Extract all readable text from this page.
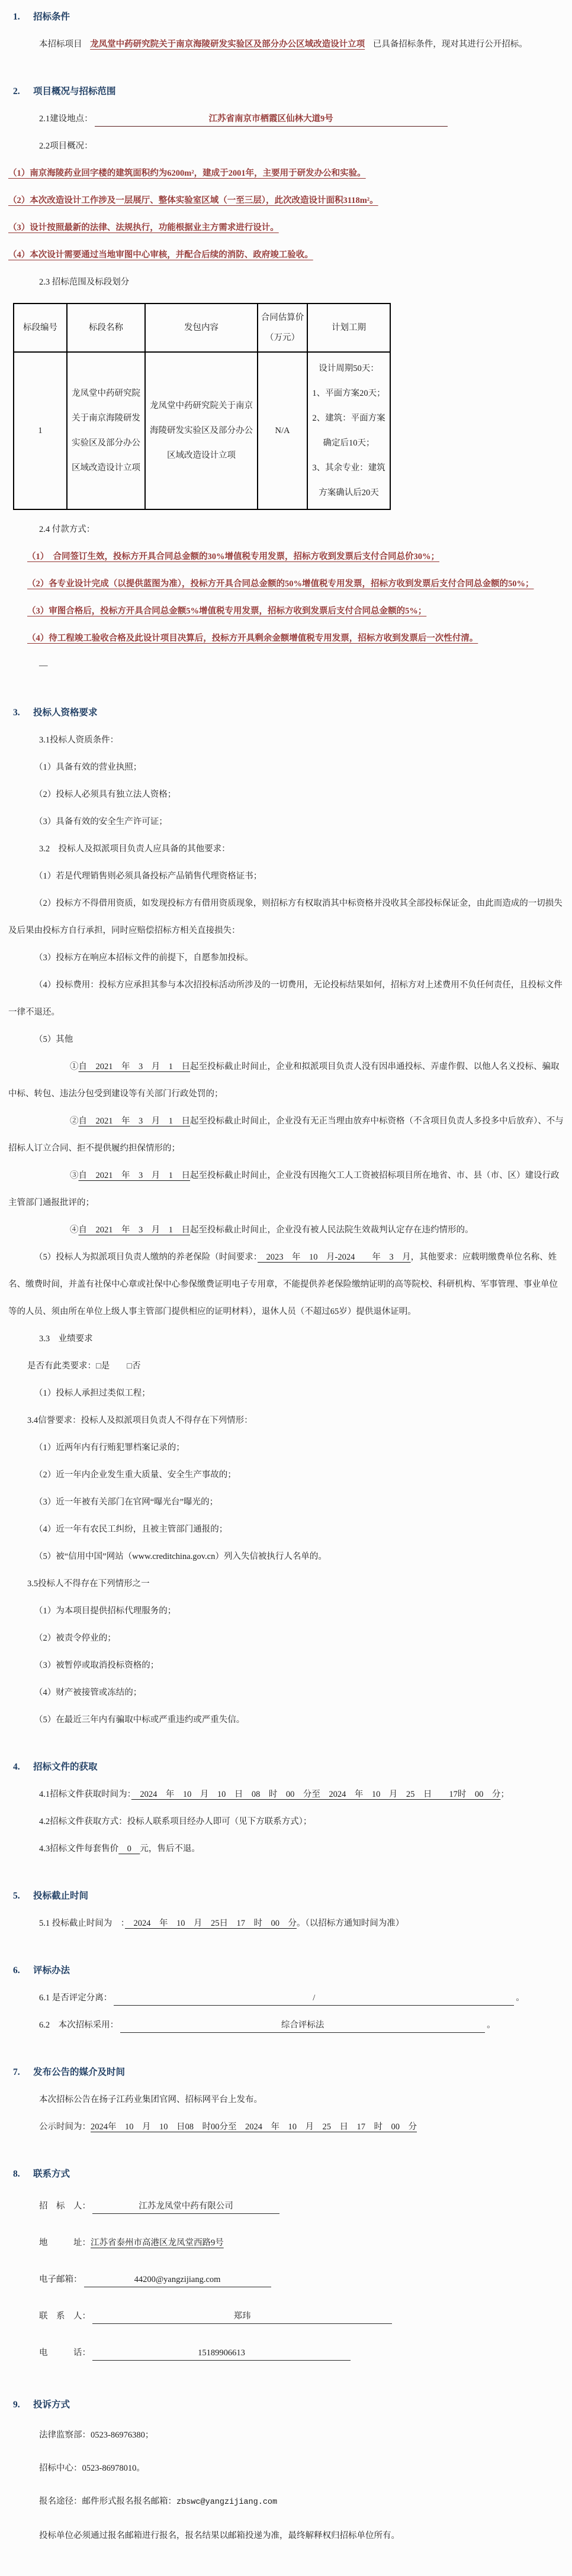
1. 招标条件

本招标项目 龙凤堂中药研究院关于南京海陵研发实验区及部分办公区域改造设计立项 已具备招标条件，现对其进行公开招标。

2. 项目概况与招标范围

2.1建设地点：	江苏省南京市栖霞区仙林大道9号

2.2项目概况：

（1）南京海陵药业回字楼的建筑面积约为6200m²，建成于2001年，主要用于研发办公和实验。

（2）本次改造设计工作涉及一层展厅、整体实验室区域（一至三层），此次改造设计面积3118m²。

（3）设计按照最新的法律、法规执行，功能根据业主方需求进行设计。

（4）本次设计需要通过当地审图中心审核，并配合后续的消防、政府竣工验收。

2.3 招标范围及标段划分

标段编号	标段名称	发包内容	合同估算价
（万元）	计划工期
1	龙凤堂中药研究院关于南京海陵研发实验区及部分办公区域改造设计立项	龙凤堂中药研究院关于南京海陵研发实验区及部分办公区域改造设计立项	N/A	设计周期50天：
1、平面方案20天；
2、建筑：平面方案确定后10天；
3、其余专业：建筑方案确认后20天

2.4 付款方式：

（1）　合同签订生效，投标方开具合同总金额的30%增值税专用发票，招标方收到发票后支付合同总价30%；

（2）各专业设计完成（以提供蓝图为准），投标方开具合同总金额的50%增值税专用发票，招标方收到发票后支付合同总金额的50%；

（3）审图合格后，投标方开具合同总金额5%增值税专用发票，招标方收到发票后支付合同总金额的5%；

（4）待工程竣工验收合格及此设计项目决算后，投标方开具剩余金额增值税专用发票，招标方收到发票后一次性付清。

—

3. 投标人资格要求

3.1投标人资质条件：

（1）具备有效的营业执照；

（2）投标人必须具有独立法人资格；

（3）具备有效的安全生产许可证；

3.2　投标人及拟派项目负责人应具备的其他要求：

（1）若是代理销售则必须具备投标产品销售代理资格证书；

（2）投标方不得借用资质，如发现投标方有借用资质现象，则招标方有权取消其中标资格并没收其全部投标保证金，由此而造成的一切损失及后果由投标方自行承担，同时应赔偿招标方相关直接损失：

（3）投标方在响应本招标文件的前提下，自愿参加投标。

（4）投标费用：投标方应承担其参与本次招投标活动所涉及的一切费用，无论投标结果如何，招标方对上述费用不负任何责任，且投标文件一律不退还。

（5）其他

①自　2021　年　3　月　1　日起至投标截止时间止，企业和拟派项目负责人没有因串通投标、弄虚作假、以他人名义投标、骗取中标、转包、违法分包受到建设等有关部门行政处罚的；

②自　2021　年　3　月　1　日起至投标截止时间止，企业没有无正当理由放弃中标资格（不含项目负责人多投多中后放弃）、不与招标人订立合同、拒不提供履约担保情形的；

③自　2021　年　3　月　1　日起至投标截止时间止，企业没有因拖欠工人工资被招标项目所在地省、市、县（市、区）建设行政主管部门通报批评的；

④自　2021　年　3　月　1　日起至投标截止时间止，企业没有被人民法院生效裁判认定存在违约情形的。

（5）投标人为拟派项目负责人缴纳的养老保险（时间要求：　2023　年　10　月-2024　　年　3　月，其他要求：应载明缴费单位名称、姓名、缴费时间，并盖有社保中心章或社保中心参保缴费证明电子专用章，不能提供养老保险缴纳证明的高等院校、科研机构、军事管理、事业单位等的人员、须由所在单位上级人事主管部门提供相应的证明材料），退休人员（不超过65岁）提供退休证明。

3.3　业绩要求

是否有此类要求：□是　　□否

（1）投标人承担过类似工程；

3.4信誉要求：投标人及拟派项目负责人不得存在下列情形：

（1）近两年内有行贿犯罪档案记录的；

（2）近一年内企业发生重大质量、安全生产事故的；

（3）近一年被有关部门在官网“曝光台”曝光的；

（4）近一年有农民工纠纷，且被主管部门通报的；

（5）被“信用中国”网站（www.creditchina.gov.cn）列入失信被执行人名单的。

3.5投标人不得存在下列情形之一

（1）为本项目提供招标代理服务的；

（2）被责令停业的；

（3）被暂停或取消投标资格的；

（4）财产被接管或冻结的；

（5）在最近三年内有骗取中标或严重违约或严重失信。

4. 招标文件的获取

4.1招标文件获取时间为：　2024　年　10　月　10　日　08　时　00　分至　2024　年　10　月　25　日　　17时　00　分；

4.2招标文件获取方式：投标人联系项目经办人即可（见下方联系方式）；

4.3招标文件每套售价　0　元，售后不退。

5. 投标截止时间

5.1 投标截止时间为　：　2024　年　10　月　25日　17　时　00　分。（以招标方通知时间为准）

6. 评标办法

6.1 是否评定分离：	/	。

6.2　本次招标采用：	综合评标法	。

7. 发布公告的媒介及时间

本次招标公告在扬子江药业集团官网、招标网平台上发布。

公示时间为：2024年　10　月　10　日08　时00分至　2024　年　10　月　25　日　17　时　00　分

8. 联系方式

招　标　人：	江苏龙凤堂中药有限公司

地　　　址：江苏省泰州市高港区龙凤堂西路9号

电子邮箱：	44200@yangzijiang.com

联　系　人：	郑玮

电　　　话：	15189906613

9. 投诉方式

法律监察部：0523-86976380；

招标中心：0523-86978010。

报名途径：邮件形式报名报名邮箱：zbswc@yangzijiang.com

投标单位必须通过报名邮箱进行报名，报名结果以邮箱投递为准，最终解释权归招标单位所有。
